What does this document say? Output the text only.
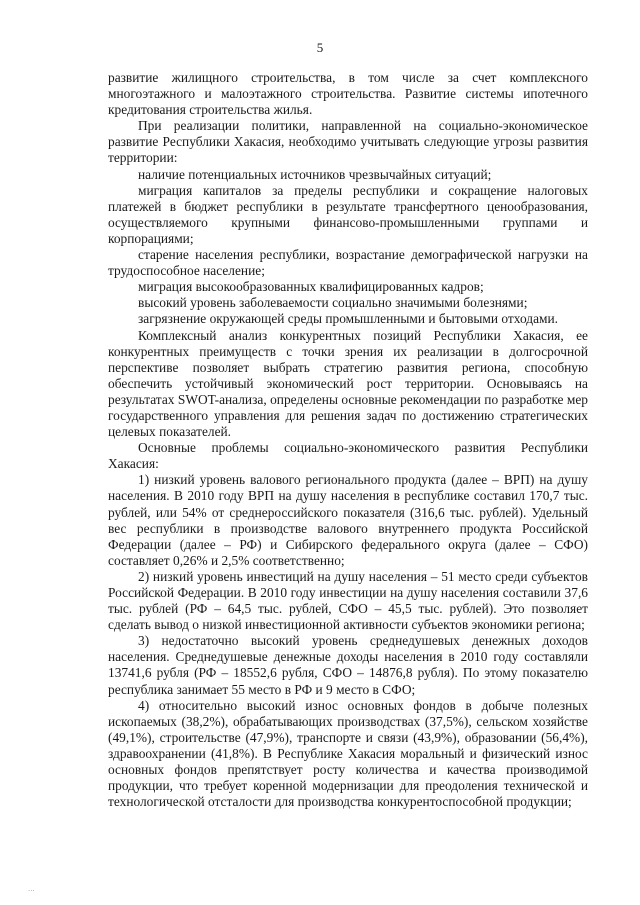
5

развитие жилищного строительства, в том числе за счет комплексного многоэтажного и малоэтажного строительства. Развитие системы ипотечного кредитования строительства жилья.

При реализации политики, направленной на социально-экономическое развитие Республики Хакасия, необходимо учитывать следующие угрозы развития территории:

наличие потенциальных источников чрезвычайных ситуаций;

миграция капиталов за пределы республики и сокращение налоговых платежей в бюджет республики в результате трансфертного ценообразования, осуществляемого крупными финансово-промышленными группами и корпорациями;

старение населения республики, возрастание демографической нагрузки на трудоспособное население;

миграция высокообразованных квалифицированных кадров;

высокий уровень заболеваемости социально значимыми болезнями;

загрязнение окружающей среды промышленными и бытовыми отходами.

Комплексный анализ конкурентных позиций Республики Хакасия, ее конкурентных преимуществ с точки зрения их реализации в долгосрочной перспективе позволяет выбрать стратегию развития региона, способную обеспечить устойчивый экономический рост территории. Основываясь на результатах SWOT-анализа, определены основные рекомендации по разработке мер государственного управления для решения задач по достижению стратегических целевых показателей.

Основные проблемы социально-экономического развития Республики Хакасия:

1) низкий уровень валового регионального продукта (далее – ВРП) на душу населения. В 2010 году ВРП на душу населения в республике составил 170,7 тыс. рублей, или 54% от среднероссийского показателя (316,6 тыс. рублей). Удельный вес республики в производстве валового внутреннего продукта Российской Федерации (далее – РФ) и Сибирского федерального округа (далее – СФО) составляет 0,26% и 2,5% соответственно;

2) низкий уровень инвестиций на душу населения – 51 место среди субъектов Российской Федерации. В 2010 году инвестиции на душу населения составили 37,6 тыс. рублей (РФ – 64,5 тыс. рублей, СФО – 45,5 тыс. рублей). Это позволяет сделать вывод о низкой инвестиционной активности субъектов экономики региона;

3) недостаточно высокий уровень среднедушевых денежных доходов населения. Среднедушевые денежные доходы населения в 2010 году составляли 13741,6 рубля (РФ – 18552,6 рубля, СФО – 14876,8 рубля). По этому показателю республика занимает 55 место в РФ и 9 место в СФО;

4) относительно высокий износ основных фондов в добыче полезных ископаемых (38,2%), обрабатывающих производствах (37,5%), сельском хозяйстве (49,1%), строительстве (47,9%), транспорте и связи (43,9%), образовании (56,4%), здравоохранении (41,8%). В Республике Хакасия моральный и физический износ основных фондов препятствует росту количества и качества производимой продукции, что требует коренной модернизации для преодоления технической и технологической отсталости для производства конкурентоспособной продукции;

...
